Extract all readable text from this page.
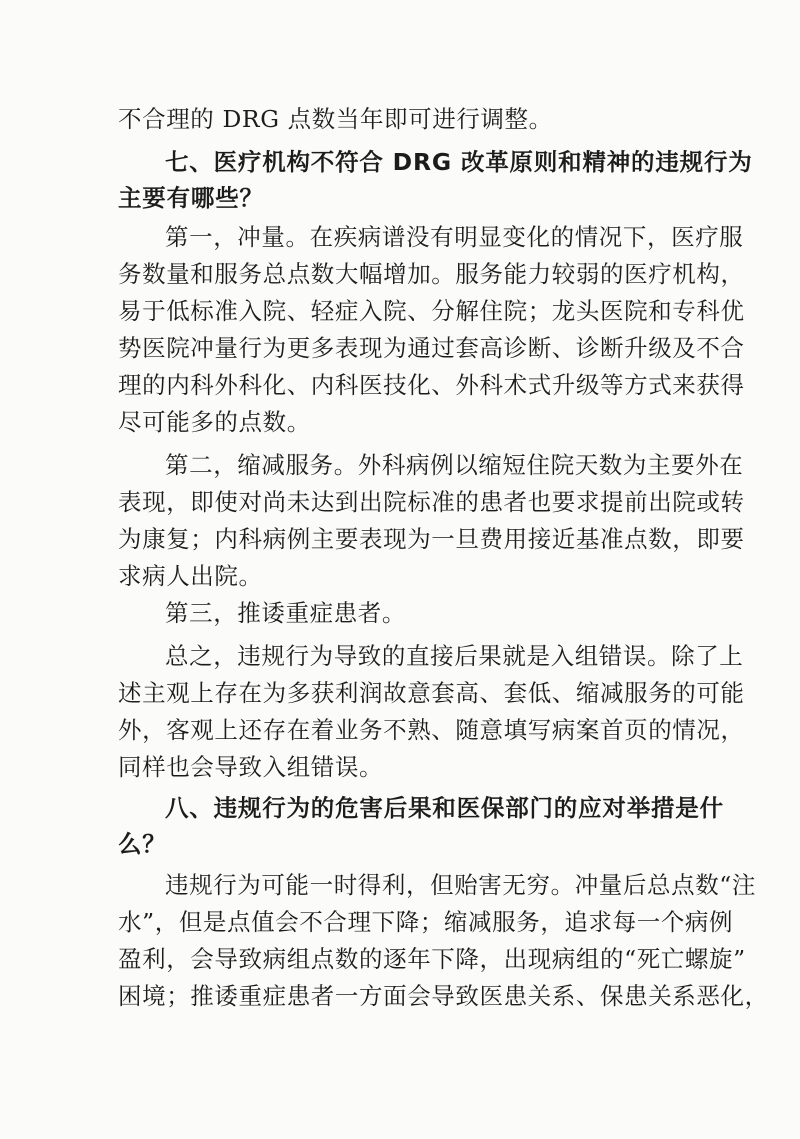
不合理的 DRG 点数当年即可进行调整。
七、医疗机构不符合 DRG 改革原则和精神的违规行为
主要有哪些？
第一，冲量。在疾病谱没有明显变化的情况下，医疗服
务数量和服务总点数大幅增加。服务能力较弱的医疗机构，
易于低标准入院、轻症入院、分解住院；龙头医院和专科优
势医院冲量行为更多表现为通过套高诊断、诊断升级及不合
理的内科外科化、内科医技化、外科术式升级等方式来获得
尽可能多的点数。
第二，缩减服务。外科病例以缩短住院天数为主要外在
表现，即使对尚未达到出院标准的患者也要求提前出院或转
为康复；内科病例主要表现为一旦费用接近基准点数，即要
求病人出院。
第三，推诿重症患者。
总之，违规行为导致的直接后果就是入组错误。除了上
述主观上存在为多获利润故意套高、套低、缩减服务的可能
外，客观上还存在着业务不熟、随意填写病案首页的情况，
同样也会导致入组错误。
八、违规行为的危害后果和医保部门的应对举措是什
么？
违规行为可能一时得利，但贻害无穷。冲量后总点数“注
水”，但是点值会不合理下降；缩减服务，追求每一个病例
盈利，会导致病组点数的逐年下降，出现病组的“死亡螺旋”
困境；推诿重症患者一方面会导致医患关系、保患关系恶化，
